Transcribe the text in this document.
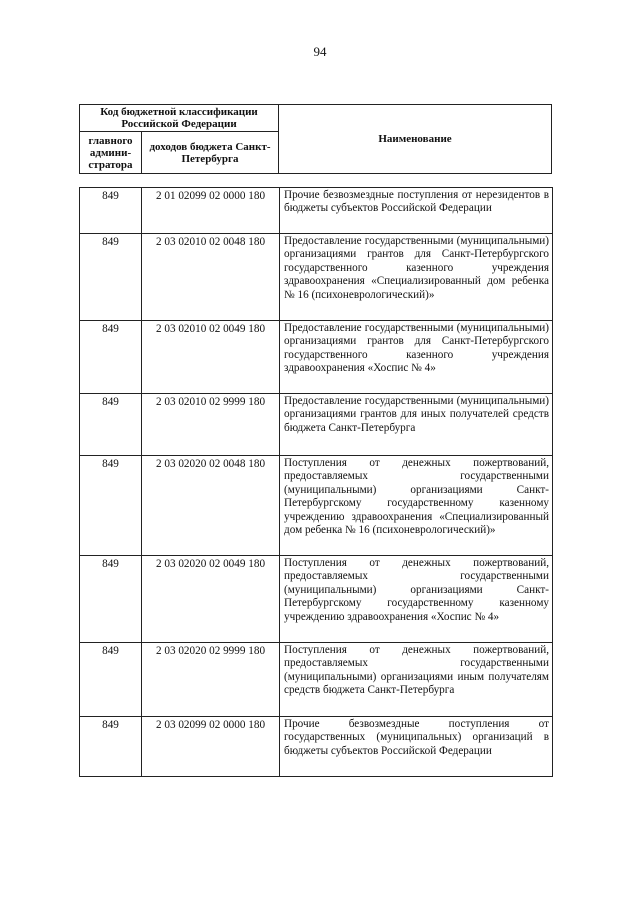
94
Код бюджетной классификации Российской Федерации		Наименование
главного админи-стратора	доходов бюджета Санкт-Петербурга	
849	2 01 02099 02 0000 180	Прочие безвозмездные поступления от нерезидентов в бюджеты субъектов Российской Федерации
849	2 03 02010 02 0048 180	Предоставление государственными (муниципальными) организациями грантов для Санкт-Петербургского государственного казенного учреждения здравоохранения «Специализированный дом ребенка № 16 (психоневрологический)»
849	2 03 02010 02 0049 180	Предоставление государственными (муниципальными) организациями грантов для Санкт-Петербургского государственного казенного учреждения здравоохранения «Хоспис № 4»
849	2 03 02010 02 9999 180	Предоставление государственными (муниципальными) организациями грантов для иных получателей средств бюджета Санкт-Петербурга
849	2 03 02020 02 0048 180	Поступления от денежных пожертвований, предоставляемых государственными (муниципальными) организациями Санкт-Петербургскому государственному казенному учреждению здравоохранения «Специализированный дом ребенка № 16 (психоневрологический)»
849	2 03 02020 02 0049 180	Поступления от денежных пожертвований, предоставляемых государственными (муниципальными) организациями Санкт-Петербургскому государственному казенному учреждению здравоохранения «Хоспис № 4»
849	2 03 02020 02 9999 180	Поступления от денежных пожертвований, предоставляемых государственными (муниципальными) организациями иным получателям средств бюджета Санкт-Петербурга
849	2 03 02099 02 0000 180	Прочие безвозмездные поступления от государственных (муниципальных) организаций в бюджеты субъектов Российской Федерации
